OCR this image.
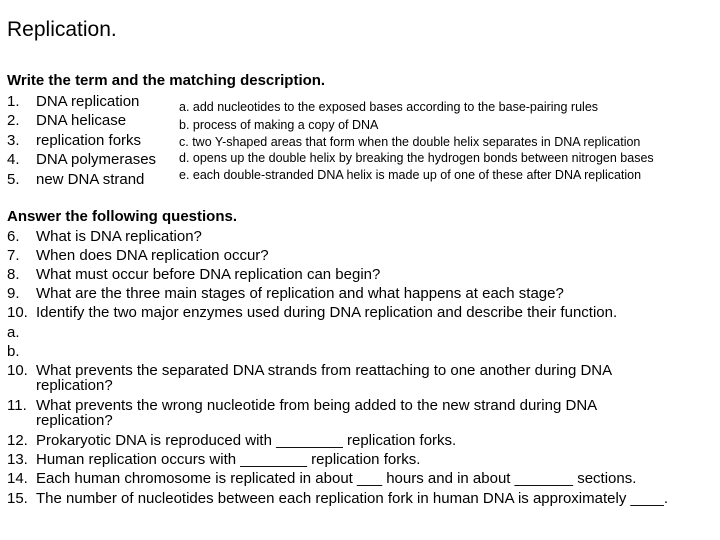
Replication.
Write the term and the matching description.
1. DNA replication
2. DNA helicase
3. replication forks
4. DNA polymerases
5. new DNA strand
a. add nucleotides to the exposed bases according to the base-pairing rules
b. process of making a copy of DNA
c. two Y-shaped areas that form when the double helix separates in DNA replication
d. opens up the double helix by breaking the hydrogen bonds between nitrogen bases
e. each double-stranded DNA helix is made up of one of these after DNA replication
Answer the following questions.
6. What is DNA replication?
7. When does DNA replication occur?
8. What must occur before DNA replication can begin?
9. What are the three main stages of replication and what happens at each stage?
10. Identify the two major enzymes used during DNA replication and describe their function.
a.
b.
10. What prevents the separated DNA strands from reattaching to one another during DNA
replication?
11. What prevents the wrong nucleotide from being added to the new strand during DNA
replication?
12. Prokaryotic DNA is reproduced with ________ replication forks.
13. Human replication occurs with ________ replication forks.
14. Each human chromosome is replicated in about ___ hours and in about _______ sections.
15. The number of nucleotides between each replication fork in human DNA is approximately ____.
